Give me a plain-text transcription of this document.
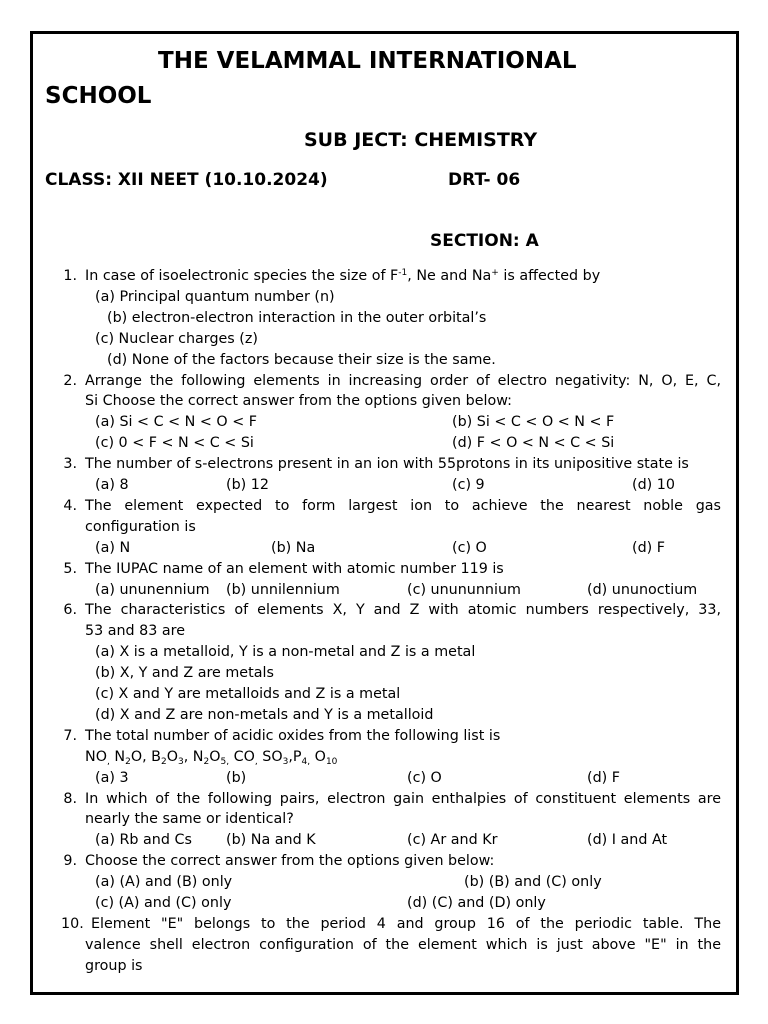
THE VELAMMAL INTERNATIONAL
SCHOOL
SUB JECT: CHEMISTRY
CLASS: XII NEET (10.10.2024)	DRT- 06
SECTION: A
1. In case of isoelectronic species the size of $F^{-1}$, Ne and Na+ is affected by
(a) Principal quantum number (n)
(b) electron-electron interaction in the outer orbital’s
(c) Nuclear charges (z)
(d) None of the factors because their size is the same.
2. Arrange the following elements in increasing order of electro negativity: N, O, E, C,
Si Choose the correct answer from the options given below:
(a) Si < C < N < O < F	(b) Si < C < O < N < F
(c) 0 < F < N < C < Si	(d) F < O < N < C < Si
3. The number of s-electrons present in an ion with 55protons in its unipositive state is
(a) 8	(b) 12	(c) 9	(d) 10
4. The element expected to form largest ion to achieve the nearest noble gas
configuration is
(a) N	(b) Na	(c) O	(d) F
5. The IUPAC name of an element with atomic number 119 is
(a) ununennium (b) unnilennium	(c) unununnium	(d) ununoctium
6. The characteristics of elements X, Y and Z with atomic numbers respectively, 33,
53 and 83 are
(a) X is a metalloid, Y is a non-metal and Z is a metal
(b) X, Y and Z are metals
(c) X and Y are metalloids and Z is a metal
(d) X and Z are non-metals and Y is a metalloid
7. The total number of acidic oxides from the following list is
$NO_,$ $N_2O$, $B_2O_3$, $N_2O_{5,}$ $CO_,$ $SO_3,P_{4,}$ $O_{10}$
(a) 3	(b)	(c) O	(d) F
8. In which of the following pairs, electron gain enthalpies of constituent elements are
nearly the same or identical?
(a) Rb and Cs (b) Na and K	(c) Ar and Kr	(d) I and At
9. Choose the correct answer from the options given below:
(a) (A) and (B) only	(b) (B) and (C) only
(c) (A) and (C) only	(d) (C) and (D) only
10. Element "E" belongs to the period 4 and group 16 of the periodic table. The
valence shell electron configuration of the element which is just above "E" in the
group is
